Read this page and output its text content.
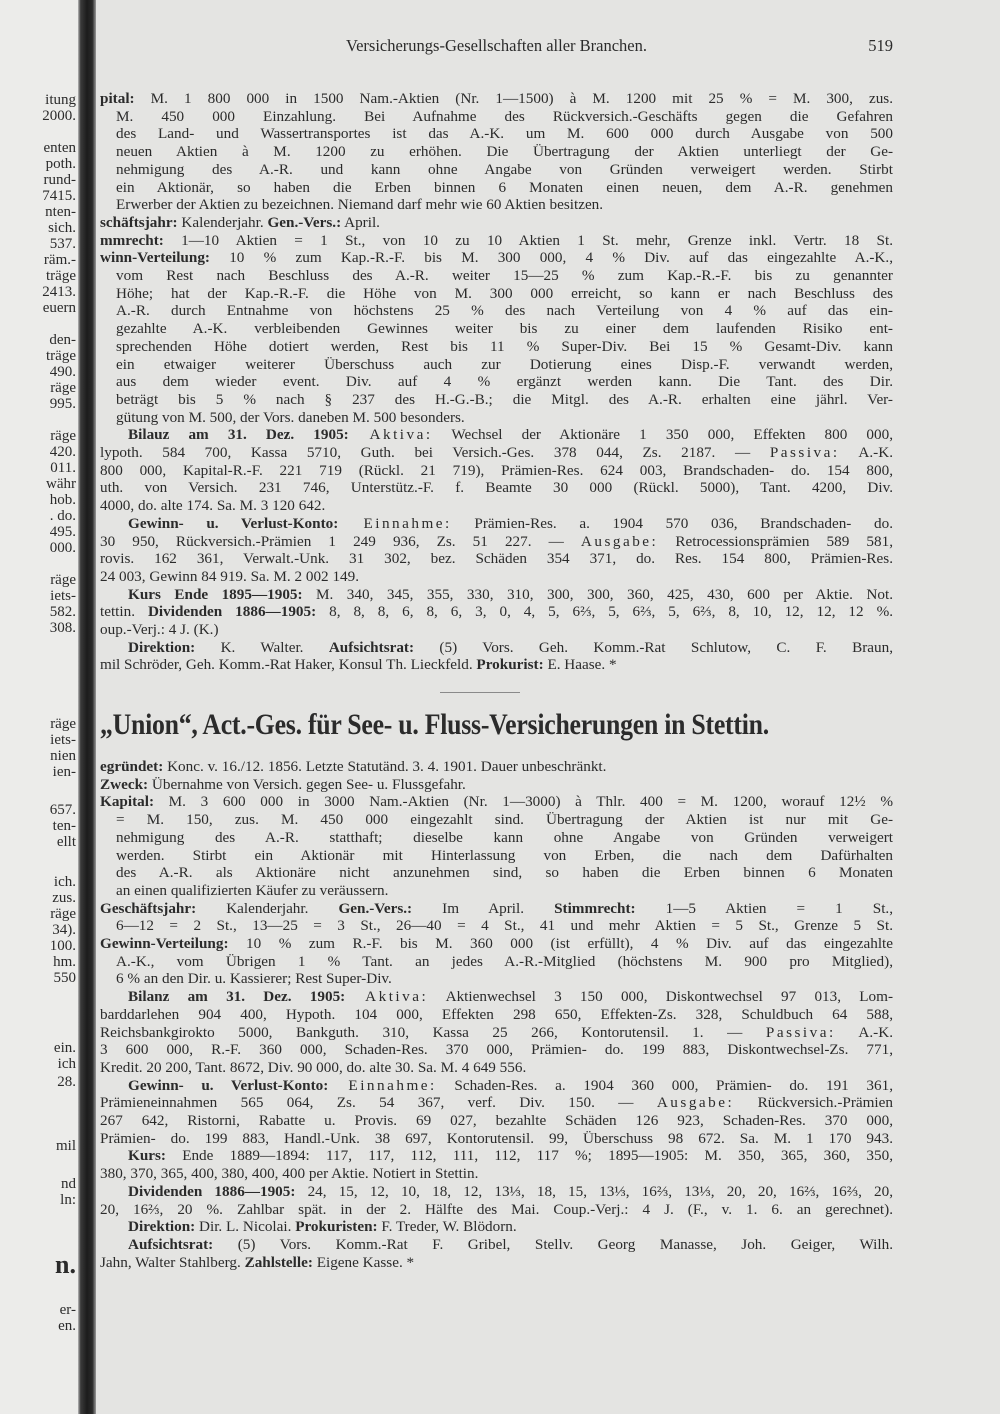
itung
2000.
enten
poth.
rund-
7415.
nten-
sich.
537.
räm.-
träge
2413.
euern
den-
träge
490.
räge
995.
räge
420.
011.
währ
hob.
. do.
495.
000.
räge
iets-
582.
308.
räge
iets-
nien
ien-
657.
ten-
ellt
ich.
zus.
räge
34).
100.
hm.
550
ein.
ich
28.
mil
nd
ln:
n.
er-
en.
Versicherungs-Gesellschaften aller Branchen.	519
pital: M. 1 800 000 in 1500 Nam.-Aktien (Nr. 1—1500) à M. 1200 mit 25 % = M. 300, zus.
M. 450 000 Einzahlung. Bei Aufnahme des Rückversich.-Geschäfts gegen die Gefahren
des Land- und Wassertransportes ist das A.-K. um M. 600 000 durch Ausgabe von 500
neuen Aktien à M. 1200 zu erhöhen. Die Übertragung der Aktien unterliegt der Ge-
nehmigung des A.-R. und kann ohne Angabe von Gründen verweigert werden. Stirbt
ein Aktionär, so haben die Erben binnen 6 Monaten einen neuen, dem A.-R. genehmen
Erwerber der Aktien zu bezeichnen. Niemand darf mehr wie 60 Aktien besitzen.
schäftsjahr: Kalenderjahr. Gen.-Vers.: April.
mmrecht: 1—10 Aktien = 1 St., von 10 zu 10 Aktien 1 St. mehr, Grenze inkl. Vertr. 18 St.
winn-Verteilung: 10 % zum Kap.-R.-F. bis M. 300 000, 4 % Div. auf das eingezahlte A.-K.,
vom Rest nach Beschluss des A.-R. weiter 15—25 % zum Kap.-R.-F. bis zu genannter
Höhe; hat der Kap.-R.-F. die Höhe von M. 300 000 erreicht, so kann er nach Beschluss des
A.-R. durch Entnahme von höchstens 25 % des nach Verteilung von 4 % auf das ein-
gezahlte A.-K. verbleibenden Gewinnes weiter bis zu einer dem laufenden Risiko ent-
sprechenden Höhe dotiert werden, Rest bis 11 % Super-Div. Bei 15 % Gesamt-Div. kann
ein etwaiger weiterer Überschuss auch zur Dotierung eines Disp.-F. verwandt werden,
aus dem wieder event. Div. auf 4 % ergänzt werden kann. Die Tant. des Dir.
beträgt bis 5 % nach § 237 des H.-G.-B.; die Mitgl. des A.-R. erhalten eine jährl. Ver-
gütung von M. 500, der Vors. daneben M. 500 besonders.
Bilauz am 31. Dez. 1905: Aktiva: Wechsel der Aktionäre 1 350 000, Effekten 800 000,
lypoth. 584 700, Kassa 5710, Guth. bei Versich.-Ges. 378 044, Zs. 2187. — Passiva: A.-K.
800 000, Kapital-R.-F. 221 719 (Rückl. 21 719), Prämien-Res. 624 003, Brandschaden- do. 154 800,
uth. von Versich. 231 746, Unterstütz.-F. f. Beamte 30 000 (Rückl. 5000), Tant. 4200, Div.
4000, do. alte 174. Sa. M. 3 120 642.
Gewinn- u. Verlust-Konto: Einnahme: Prämien-Res. a. 1904 570 036, Brandschaden- do.
30 950, Rückversich.-Prämien 1 249 936, Zs. 51 227. — Ausgabe: Retrocessionsprämien 589 581,
rovis. 162 361, Verwalt.-Unk. 31 302, bez. Schäden 354 371, do. Res. 154 800, Prämien-Res.
24 003, Gewinn 84 919. Sa. M. 2 002 149.
Kurs Ende 1895—1905: M. 340, 345, 355, 330, 310, 300, 300, 360, 425, 430, 600 per Aktie. Not.
tettin. Dividenden 1886—1905: 8, 8, 8, 6, 8, 6, 3, 0, 4, 5, 6⅔, 5, 6⅔, 5, 6⅔, 8, 10, 12, 12, 12 %.
oup.-Verj.: 4 J. (K.)
Direktion: K. Walter. Aufsichtsrat: (5) Vors. Geh. Komm.-Rat Schlutow, C. F. Braun,
mil Schröder, Geh. Komm.-Rat Haker, Konsul Th. Lieckfeld. Prokurist: E. Haase. *
„Union“, Act.-Ges. für See- u. Fluss-Versicherungen in Stettin.
egründet: Konc. v. 16./12. 1856. Letzte Statutänd. 3. 4. 1901. Dauer unbeschränkt.
Zweck: Übernahme von Versich. gegen See- u. Flussgefahr.
Kapital: M. 3 600 000 in 3000 Nam.-Aktien (Nr. 1—3000) à Thlr. 400 = M. 1200, worauf 12½ %
= M. 150, zus. M. 450 000 eingezahlt sind. Übertragung der Aktien ist nur mit Ge-
nehmigung des A.-R. statthaft; dieselbe kann ohne Angabe von Gründen verweigert
werden. Stirbt ein Aktionär mit Hinterlassung von Erben, die nach dem Dafürhalten
des A.-R. als Aktionäre nicht anzunehmen sind, so haben die Erben binnen 6 Monaten
an einen qualifizierten Käufer zu veräussern.
Geschäftsjahr: Kalenderjahr. Gen.-Vers.: Im April. Stimmrecht: 1—5 Aktien = 1 St.,
6—12 = 2 St., 13—25 = 3 St., 26—40 = 4 St., 41 und mehr Aktien = 5 St., Grenze 5 St.
Gewinn-Verteilung: 10 % zum R.-F. bis M. 360 000 (ist erfüllt), 4 % Div. auf das eingezahlte
A.-K., vom Übrigen 1 % Tant. an jedes A.-R.-Mitglied (höchstens M. 900 pro Mitglied),
6 % an den Dir. u. Kassierer; Rest Super-Div.
Bilanz am 31. Dez. 1905: Aktiva: Aktienwechsel 3 150 000, Diskontwechsel 97 013, Lom-
barddarlehen 904 400, Hypoth. 104 000, Effekten 298 650, Effekten-Zs. 328, Schuldbuch 64 588,
Reichsbankgirokto 5000, Bankguth. 310, Kassa 25 266, Kontorutensil. 1. — Passiva: A.-K.
3 600 000, R.-F. 360 000, Schaden-Res. 370 000, Prämien- do. 199 883, Diskontwechsel-Zs. 771,
Kredit. 20 200, Tant. 8672, Div. 90 000, do. alte 30. Sa. M. 4 649 556.
Gewinn- u. Verlust-Konto: Einnahme: Schaden-Res. a. 1904 360 000, Prämien- do. 191 361,
Prämieneinnahmen 565 064, Zs. 54 367, verf. Div. 150. — Ausgabe: Rückversich.-Prämien
267 642, Ristorni, Rabatte u. Provis. 69 027, bezahlte Schäden 126 923, Schaden-Res. 370 000,
Prämien- do. 199 883, Handl.-Unk. 38 697, Kontorutensil. 99, Überschuss 98 672. Sa. M. 1 170 943.
Kurs: Ende 1889—1894: 117, 117, 112, 111, 112, 117 %; 1895—1905: M. 350, 365, 360, 350,
380, 370, 365, 400, 380, 400, 400 per Aktie. Notiert in Stettin.
Dividenden 1886—1905: 24, 15, 12, 10, 18, 12, 13⅓, 18, 15, 13⅓, 16⅔, 13⅓, 20, 20, 16⅔, 16⅔, 20,
20, 16⅔, 20 %. Zahlbar spät. in der 2. Hälfte des Mai. Coup.-Verj.: 4 J. (F., v. 1. 6. an gerechnet).
Direktion: Dir. L. Nicolai. Prokuristen: F. Treder, W. Blödorn.
Aufsichtsrat: (5) Vors. Komm.-Rat F. Gribel, Stellv. Georg Manasse, Joh. Geiger, Wilh.
Jahn, Walter Stahlberg. Zahlstelle: Eigene Kasse. *
